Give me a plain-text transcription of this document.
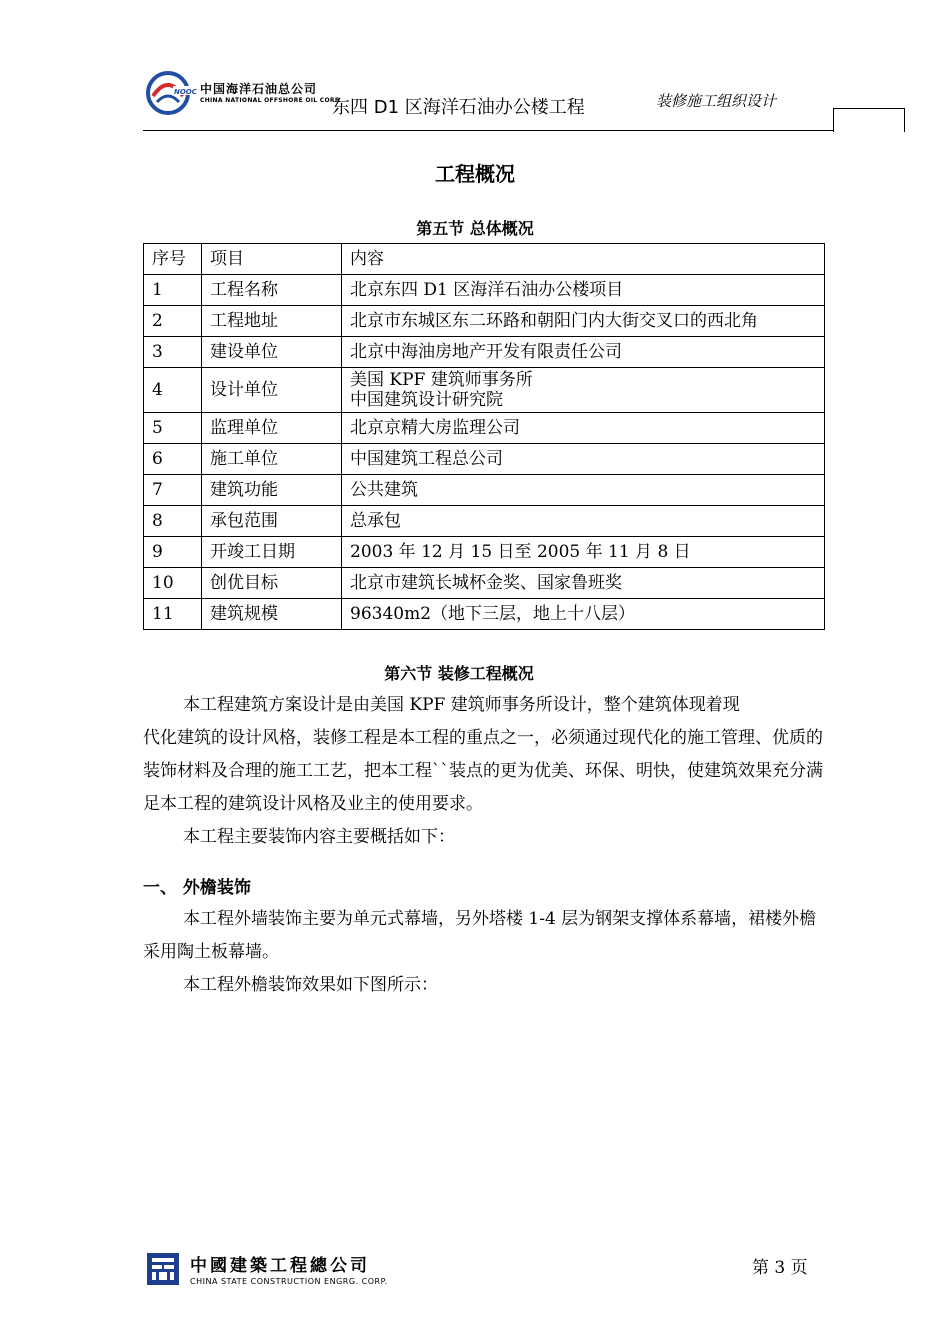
NOOC 中国海洋石油总公司
CHINA NATIONAL OFFSHORE OIL CORP.
东四 D1 区海洋石油办公楼工程	装修施工组织设计
工程概况
第五节 总体概况
序号	项目	内容
1	工程名称	北京东四 D1 区海洋石油办公楼项目

2	工程地址	北京市东城区东二环路和朝阳门内大街交叉口的西北角

3	建设单位	北京中海油房地产开发有限责任公司

4	设计单位	美国 KPF 建筑师事务所
中国建筑设计研究院

5	监理单位	北京京精大房监理公司

6	施工单位	中国建筑工程总公司

7	建筑功能	公共建筑

8	承包范围	总承包

9	开竣工日期	2003 年 12 月 15 日至 2005 年 11 月 8 日

10	创优目标	北京市建筑长城杯金奖、国家鲁班奖

11	建筑规模	96340m2（地下三层，地上十八层）
第六节 装修工程概况
本工程建筑方案设计是由美国 KPF 建筑师事务所设计，整个建筑体现着现
代化建筑的设计风格，装修工程是本工程的重点之一，必须通过现代化的施工管理、优质的装饰材料及合理的施工工艺，把本工程``装点的更为优美、环保、明快，使建筑效果充分满足本工程的建筑设计风格及业主的使用要求。
本工程主要装饰内容主要概括如下：
一、 外檐装饰
本工程外墙装饰主要为单元式幕墙，另外塔楼 1-4 层为钢架支撑体系幕墙，裙楼外檐采用陶土板幕墙。
本工程外檐装饰效果如下图所示：
中國建築工程總公司
CHINA STATE CONSTRUCTION ENGRG. CORP.
第 3 页
